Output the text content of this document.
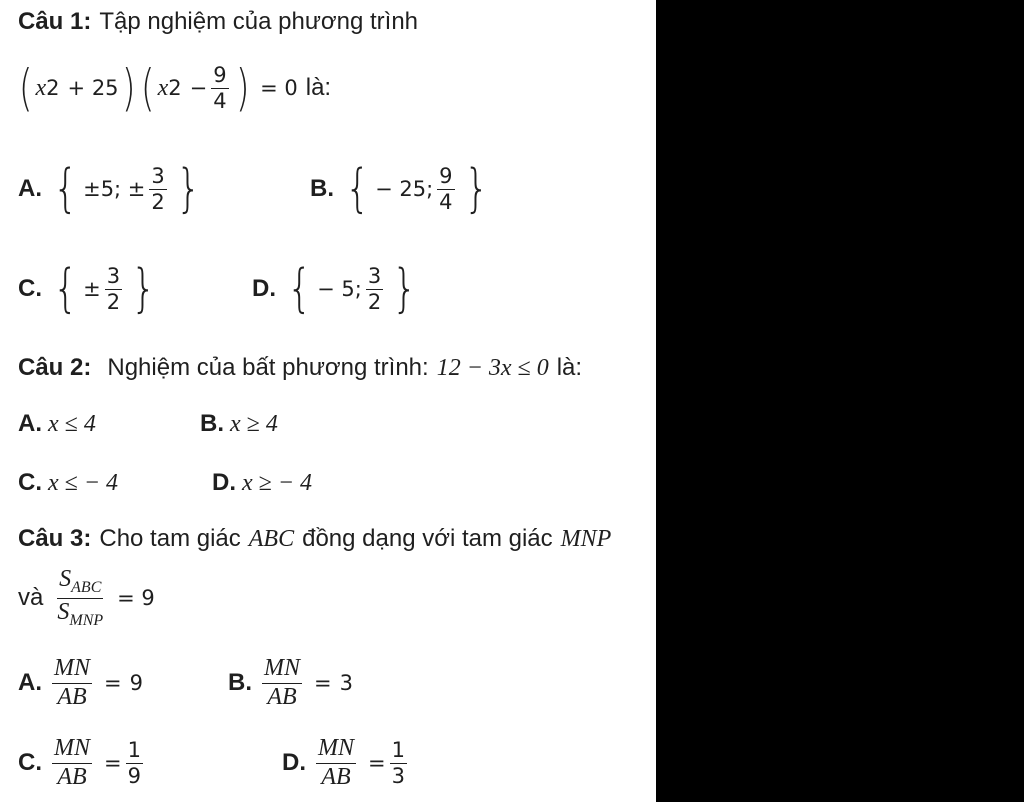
Câu 1: Tập nghiệm của phương trình
( x 2 + 25 ) ( x $2 - \frac{9}{4}$ ) = 0 là:
A. { ±5; ± $\frac{3}{2}$ }	B. { − 25; $\frac{9}{4}$ }
C. { ± $\frac{3}{2}$ }	D. { − 5; $\frac{3}{2}$ }
Câu 2: Nghiệm của bất phương trình: 12 − 3x ≤ 0 là:
A. x ≤ 4	B. x ≥ 4
C. x ≤ − 4	D. x ≥ − 4
Câu 3: Cho tam giác ABC đồng dạng với tam giác MNP
và $\frac{S_{ABC}}{S_{MNP}} = 9$
A. $\frac{MN}{AB} = 9$	B. $\frac{MN}{AB} = 3$
C. $\frac{MN}{AB} = \frac{1}{9}$	D. $\frac{MN}{AB} = \frac{1}{3}$
